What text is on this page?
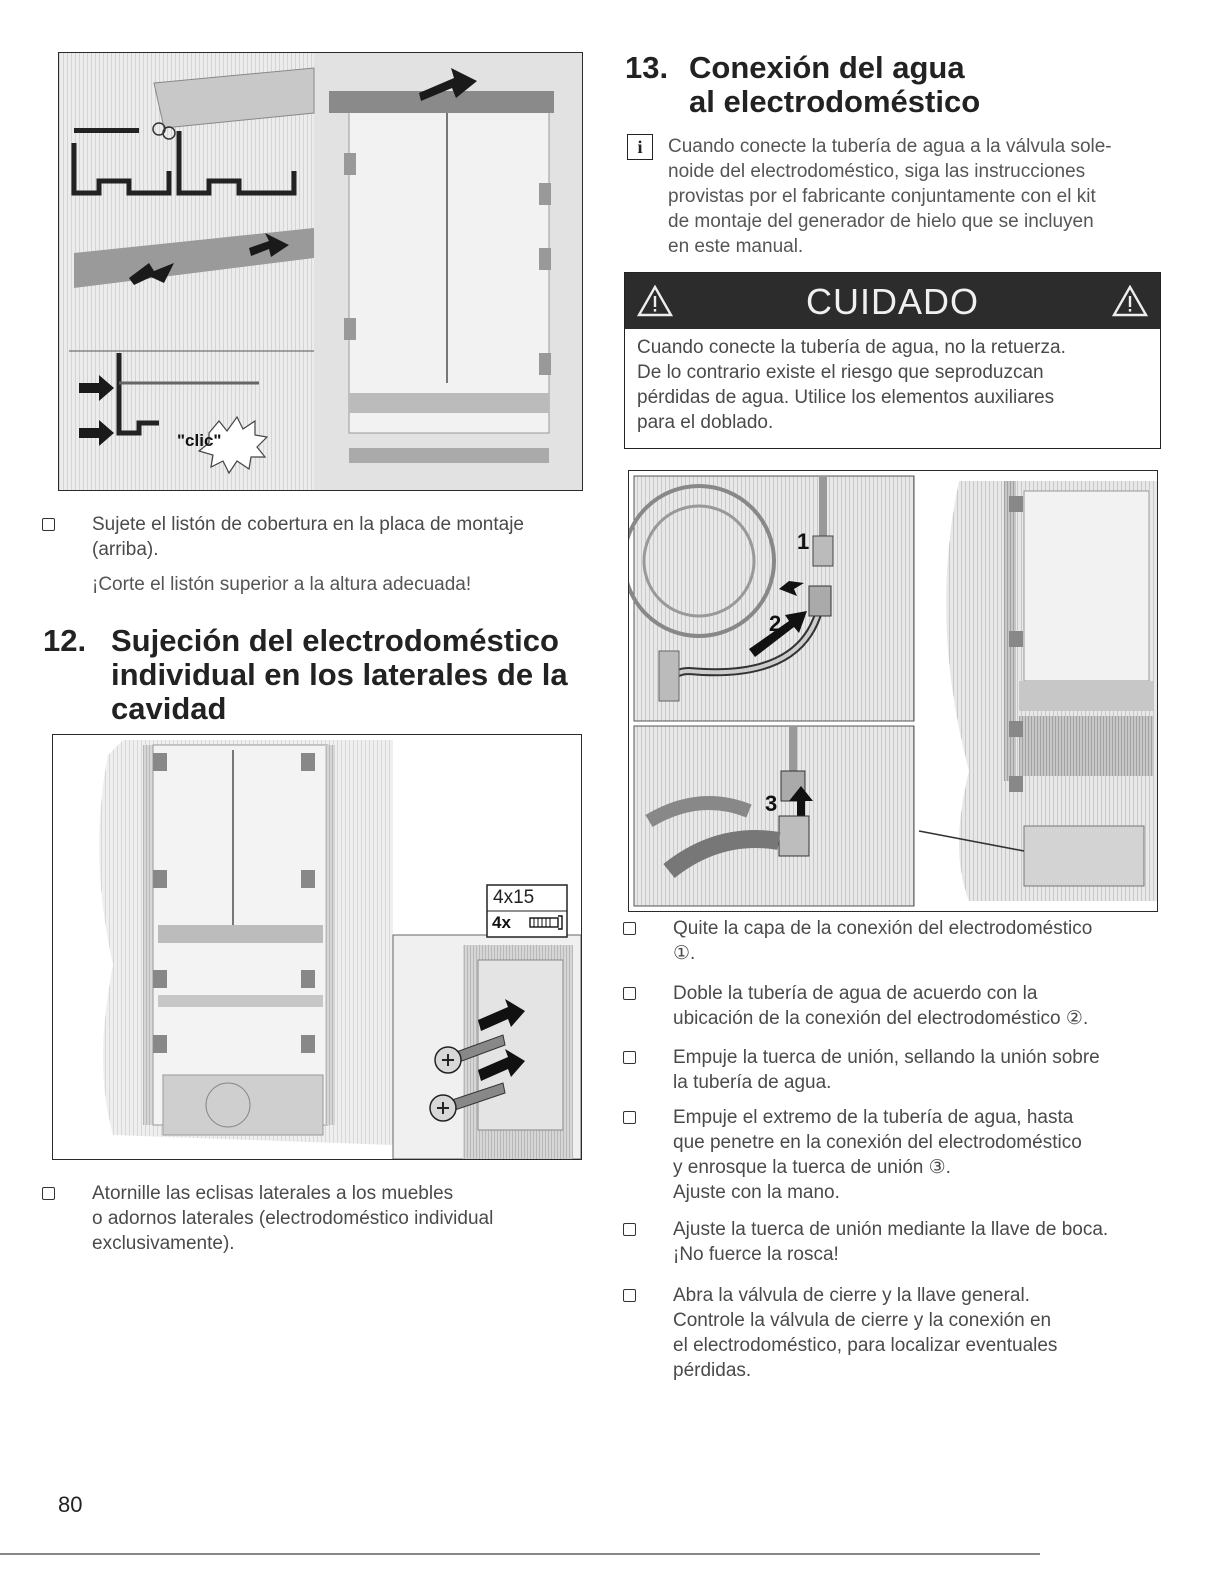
"clic"
Sujete el listón de cobertura en la placa de montaje
(arriba).
¡Corte el listón superior a la altura adecuada!
12. Sujeción del electrodoméstico
individual en los laterales de la
cavidad
4x15
4x
Atornille las eclisas laterales a los muebles
o adornos laterales (electrodoméstico individual
exclusivamente).
13. Conexión del agua
al electrodoméstico
i	Cuando conecte la tubería de agua a la válvula sole-
noide del electrodoméstico, siga las instrucciones
provistas por el fabricante conjuntamente con el kit
de montaje del generador de hielo que se incluyen
en este manual.
CUIDADO
Cuando conecte la tubería de agua, no la retuerza.
De lo contrario existe el riesgo que seproduzcan
pérdidas de agua. Utilice los elementos auxiliares
para el doblado.
1
2
3
Quite la capa de la conexión del electrodoméstico
①.
Doble la tubería de agua de acuerdo con la
ubicación de la conexión del electrodoméstico ②.
Empuje la tuerca de unión, sellando la unión sobre
la tubería de agua.
Empuje el extremo de la tubería de agua, hasta
que penetre en la conexión del electrodoméstico
y enrosque la tuerca de unión ③.
Ajuste con la mano.
Ajuste la tuerca de unión mediante la llave de boca.
¡No fuerce la rosca!
Abra la válvula de cierre y la llave general.
Controle la válvula de cierre y la conexión en
el electrodoméstico, para localizar eventuales
pérdidas.
80
